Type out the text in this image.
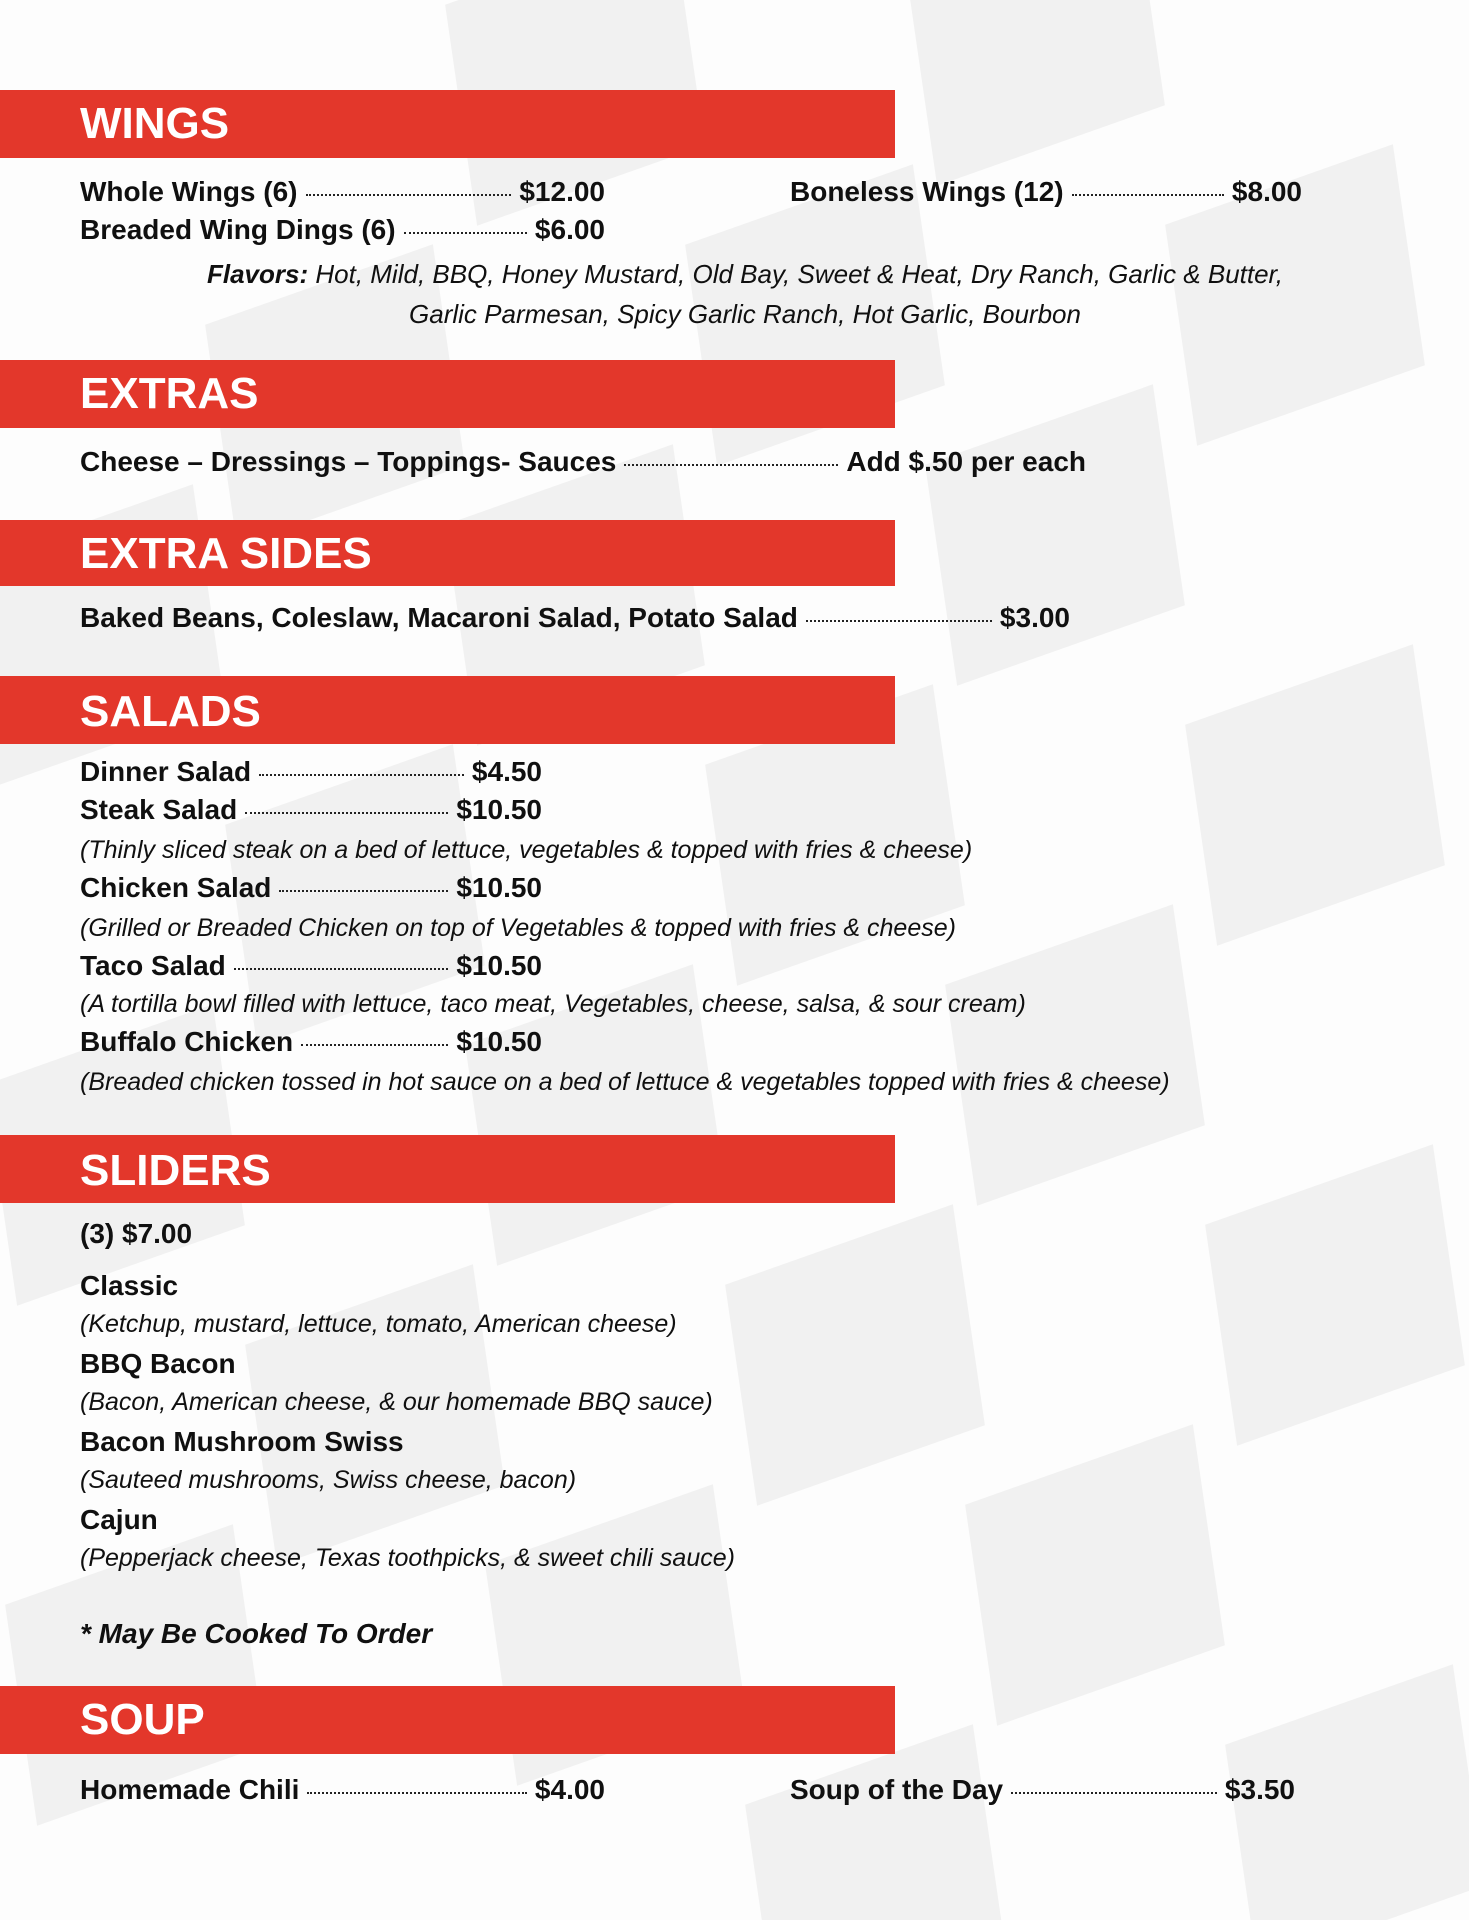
WINGS
Whole Wings (6)	$12.00	Boneless Wings (12)	$8.00
Breaded Wing Dings (6)	$6.00
Flavors: Hot, Mild, BBQ, Honey Mustard, Old Bay, Sweet & Heat, Dry Ranch, Garlic & Butter,
Garlic Parmesan, Spicy Garlic Ranch, Hot Garlic, Bourbon
EXTRAS
Cheese – Dressings – Toppings- Sauces	Add $.50 per each
EXTRA SIDES
Baked Beans, Coleslaw, Macaroni Salad, Potato Salad	$3.00
SALADS
Dinner Salad	$4.50
Steak Salad	$10.50
(Thinly sliced steak on a bed of lettuce, vegetables & topped with fries & cheese)
Chicken Salad	$10.50
(Grilled or Breaded Chicken on top of Vegetables & topped with fries & cheese)
Taco Salad	$10.50
(A tortilla bowl filled with lettuce, taco meat, Vegetables, cheese, salsa, & sour cream)
Buffalo Chicken	$10.50
(Breaded chicken tossed in hot sauce on a bed of lettuce & vegetables topped with fries & cheese)
SLIDERS
(3) $7.00
Classic
(Ketchup, mustard, lettuce, tomato, American cheese)
BBQ Bacon
(Bacon, American cheese, & our homemade BBQ sauce)
Bacon Mushroom Swiss
(Sauteed mushrooms, Swiss cheese, bacon)
Cajun
(Pepperjack cheese, Texas toothpicks, & sweet chili sauce)
* May Be Cooked To Order
SOUP
Homemade Chili	$4.00	Soup of the Day	$3.50
